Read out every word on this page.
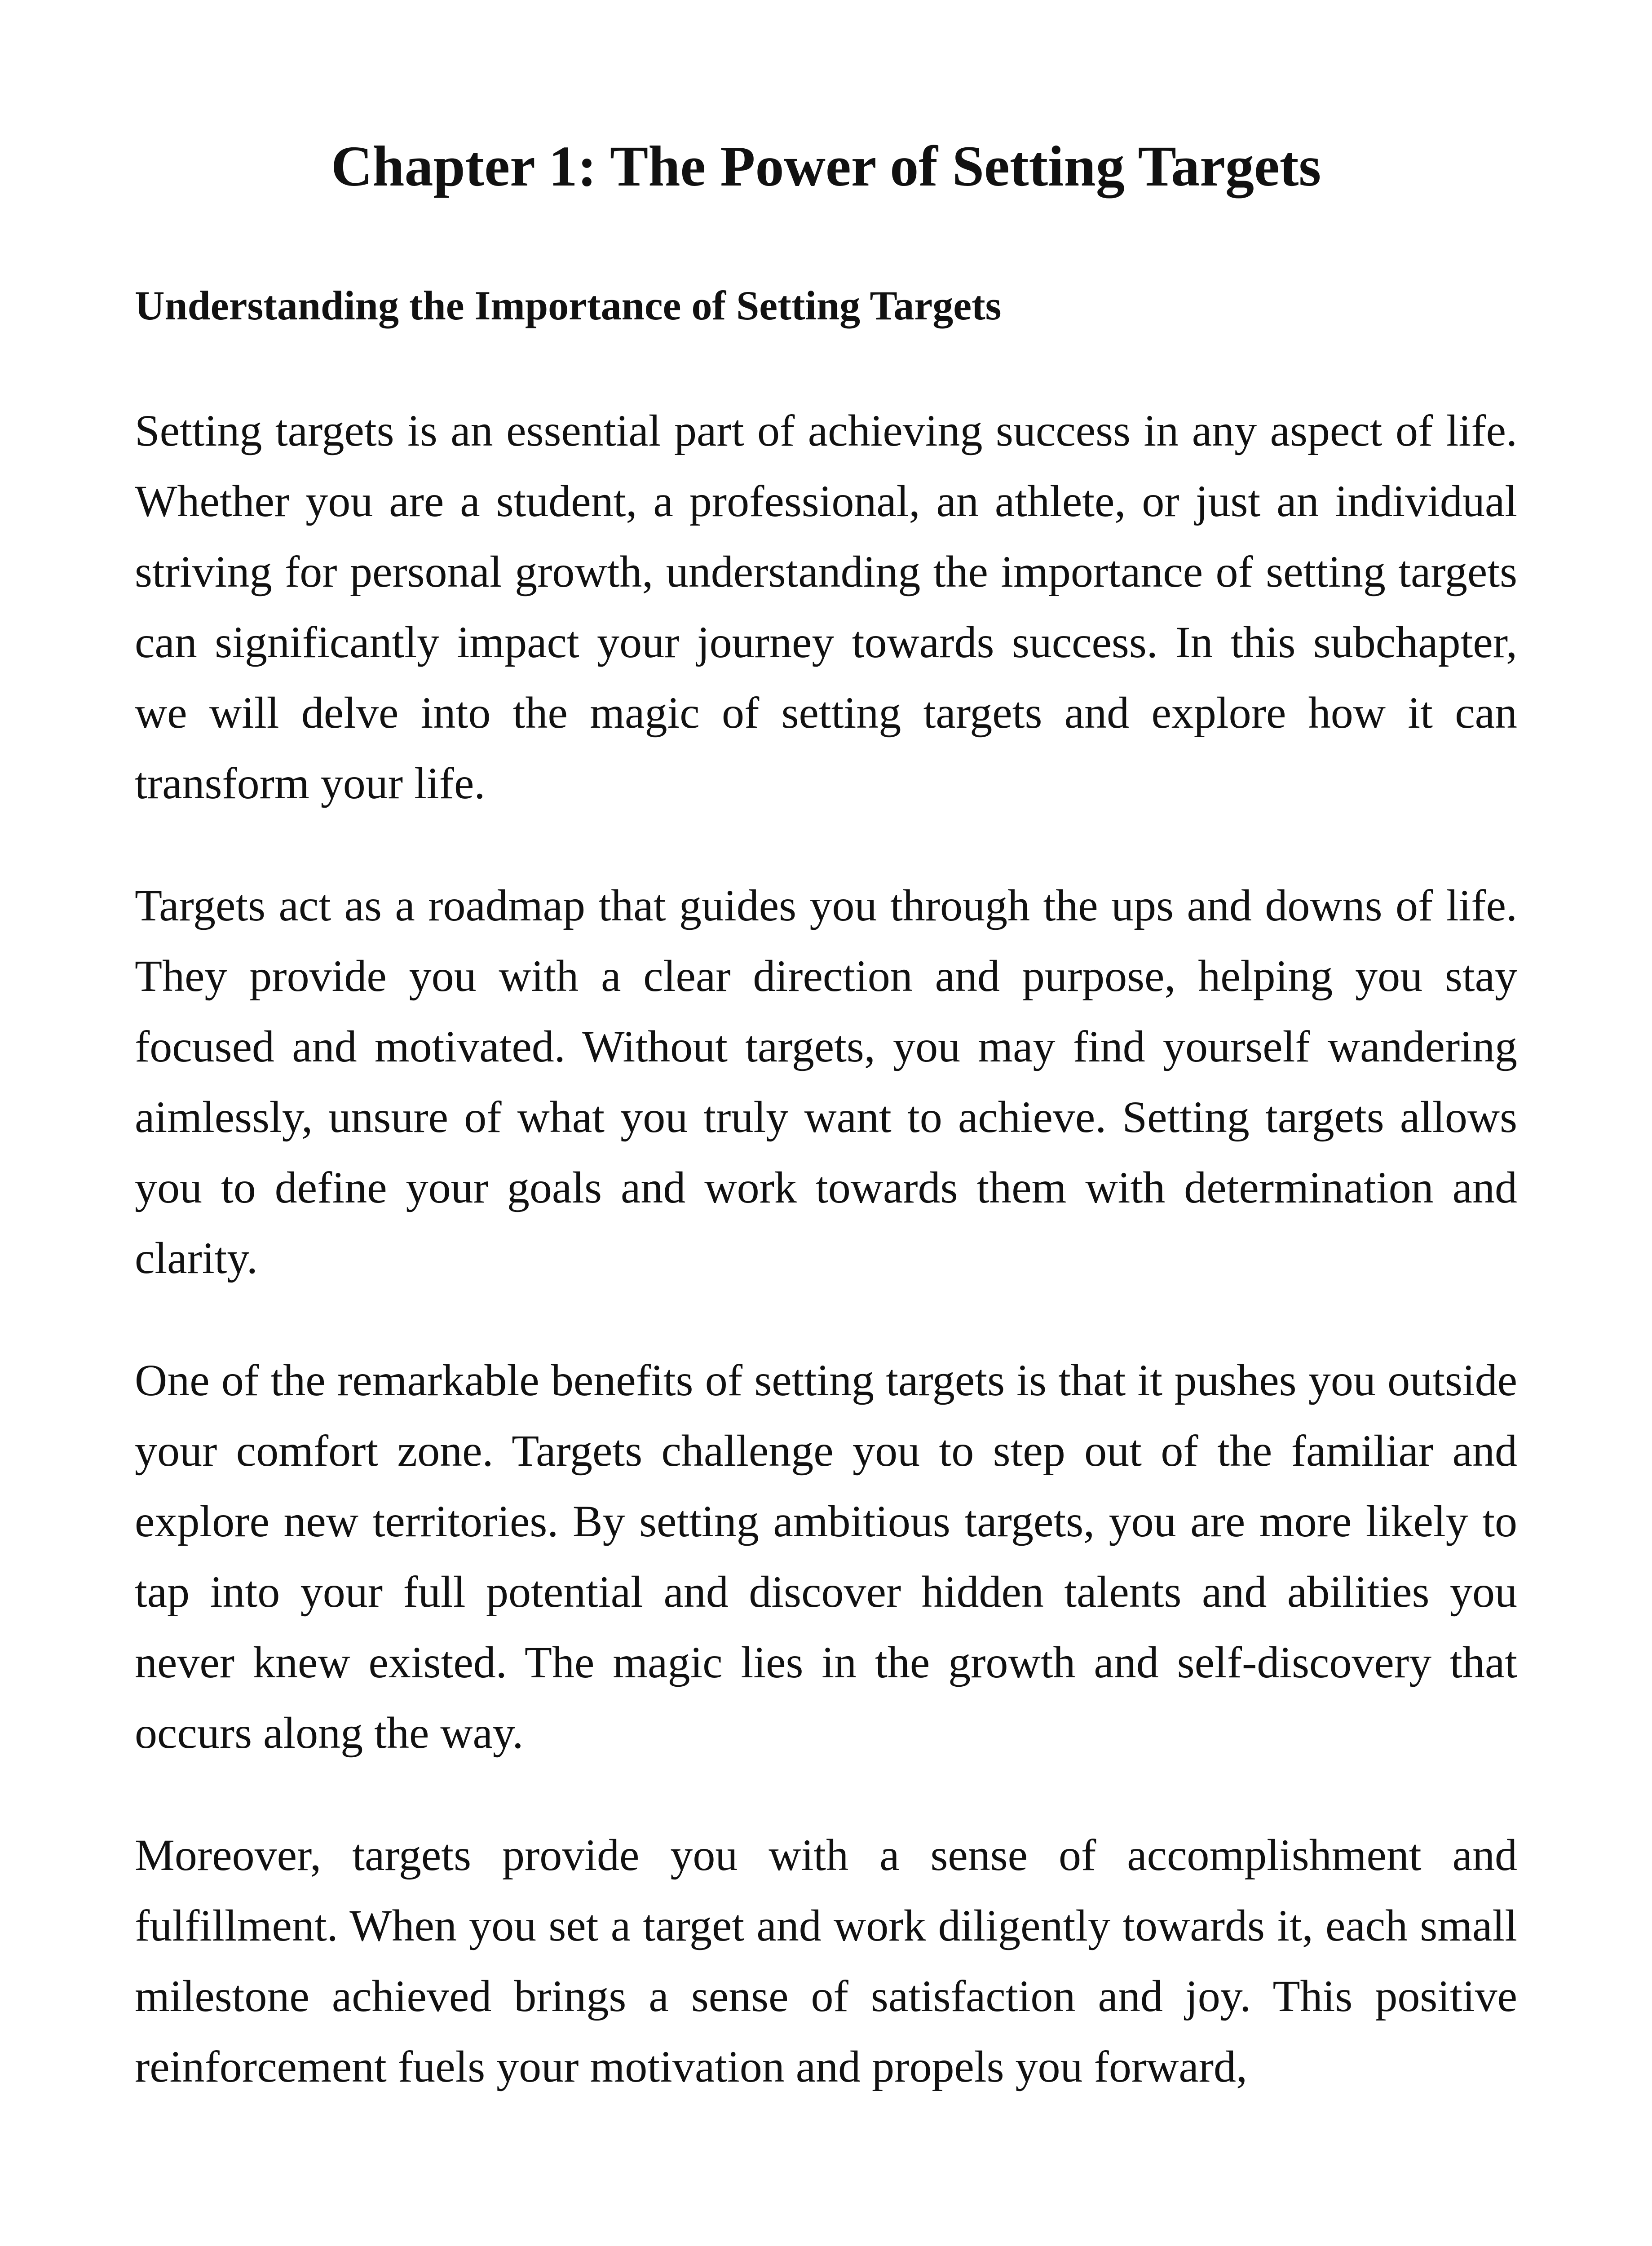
Chapter 1: The Power of Setting Targets
Understanding the Importance of Setting Targets

Setting targets is an essential part of achieving success in any aspect of life. Whether you are a student, a professional, an athlete, or just an individual striving for personal growth, understanding the importance of setting targets can significantly impact your journey towards success. In this subchapter, we will delve into the magic of setting targets and explore how it can transform your life.

Targets act as a roadmap that guides you through the ups and downs of life. They provide you with a clear direction and purpose, helping you stay focused and motivated. Without targets, you may find yourself wandering aimlessly, unsure of what you truly want to achieve. Setting targets allows you to define your goals and work towards them with determination and clarity.

One of the remarkable benefits of setting targets is that it pushes you outside your comfort zone. Targets challenge you to step out of the familiar and explore new territories. By setting ambitious targets, you are more likely to tap into your full potential and discover hidden talents and abilities you never knew existed. The magic lies in the growth and self-discovery that occurs along the way.

Moreover, targets provide you with a sense of accomplishment and fulfillment. When you set a target and work diligently towards it, each small milestone achieved brings a sense of satisfaction and joy. This positive reinforcement fuels your motivation and propels you forward,
